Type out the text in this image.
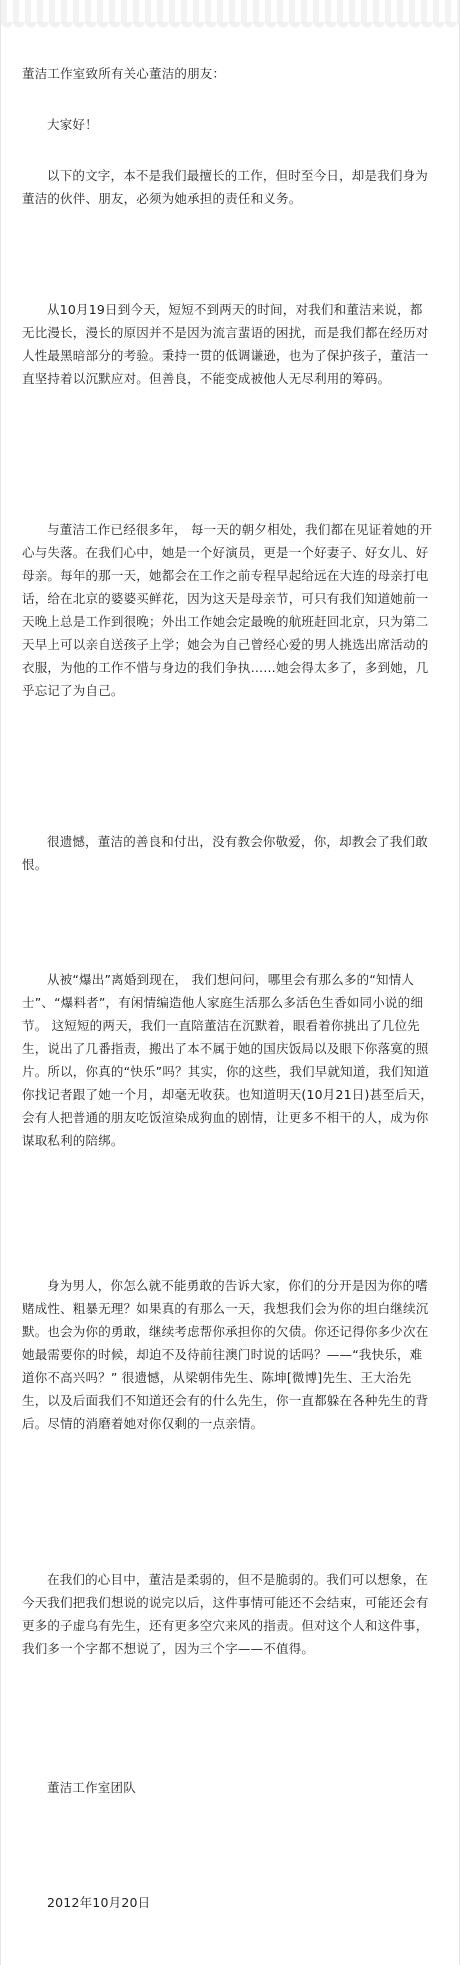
董洁工作室致所有关心董洁的朋友：

大家好！

以下的文字，本不是我们最擅长的工作，但时至今日，却是我们身为董洁的伙伴、朋友，必须为她承担的责任和义务。

从10月19日到今天，短短不到两天的时间，对我们和董洁来说，都无比漫长，漫长的原因并不是因为流言蜚语的困扰，而是我们都在经历对人性最黑暗部分的考验。秉持一贯的低调谦逊，也为了保护孩子，董洁一直坚持着以沉默应对。但善良，不能变成被他人无尽利用的筹码。

与董洁工作已经很多年， 每一天的朝夕相处，我们都在见证着她的开心与失落。在我们心中，她是一个好演员，更是一个好妻子、好女儿、好母亲。每年的那一天，她都会在工作之前专程早起给远在大连的母亲打电话，给在北京的婆婆买鲜花，因为这天是母亲节，可只有我们知道她前一天晚上总是工作到很晚；外出工作她会定最晚的航班赶回北京，只为第二天早上可以亲自送孩子上学；她会为自己曾经心爱的男人挑选出席活动的衣服，为他的工作不惜与身边的我们争执……她会得太多了，多到她，几乎忘记了为自己。

很遗憾，董洁的善良和付出，没有教会你敬爱，你，却教会了我们敢恨。

从被“爆出”离婚到现在， 我们想问问，哪里会有那么多的“知情人士”、“爆料者”，有闲情编造他人家庭生活那么多活色生香如同小说的细节。 这短短的两天，我们一直陪董洁在沉默着，眼看着你挑出了几位先生，说出了几番指责，搬出了本不属于她的国庆饭局以及眼下你落寞的照片。所以，你真的“快乐”吗？其实，你的这些，我们早就知道，我们知道你找记者跟了她一个月，却毫无收获。也知道明天(10月21日)甚至后天，会有人把普通的朋友吃饭渲染成狗血的剧情，让更多不相干的人，成为你谋取私利的陪绑。

身为男人，你怎么就不能勇敢的告诉大家，你们的分开是因为你的嗜赌成性、粗暴无理？如果真的有那么一天，我想我们会为你的坦白继续沉默。也会为你的勇敢，继续考虑帮你承担你的欠债。你还记得你多少次在她最需要你的时候，却迫不及待前往澳门时说的话吗？——“我快乐，难道你不高兴吗？” 很遗憾，从梁朝伟先生、陈坤[微博]先生、王大治先生，以及后面我们不知道还会有的什么先生，你一直都躲在各种先生的背后。尽情的消磨着她对你仅剩的一点亲情。

在我们的心目中，董洁是柔弱的，但不是脆弱的。我们可以想象，在今天我们把我们想说的说完以后，这件事情可能还不会结束，可能还会有更多的子虚乌有先生，还有更多空穴来风的指责。但对这个人和这件事，我们多一个字都不想说了，因为三个字——不值得。

董洁工作室团队

2012年10月20日
